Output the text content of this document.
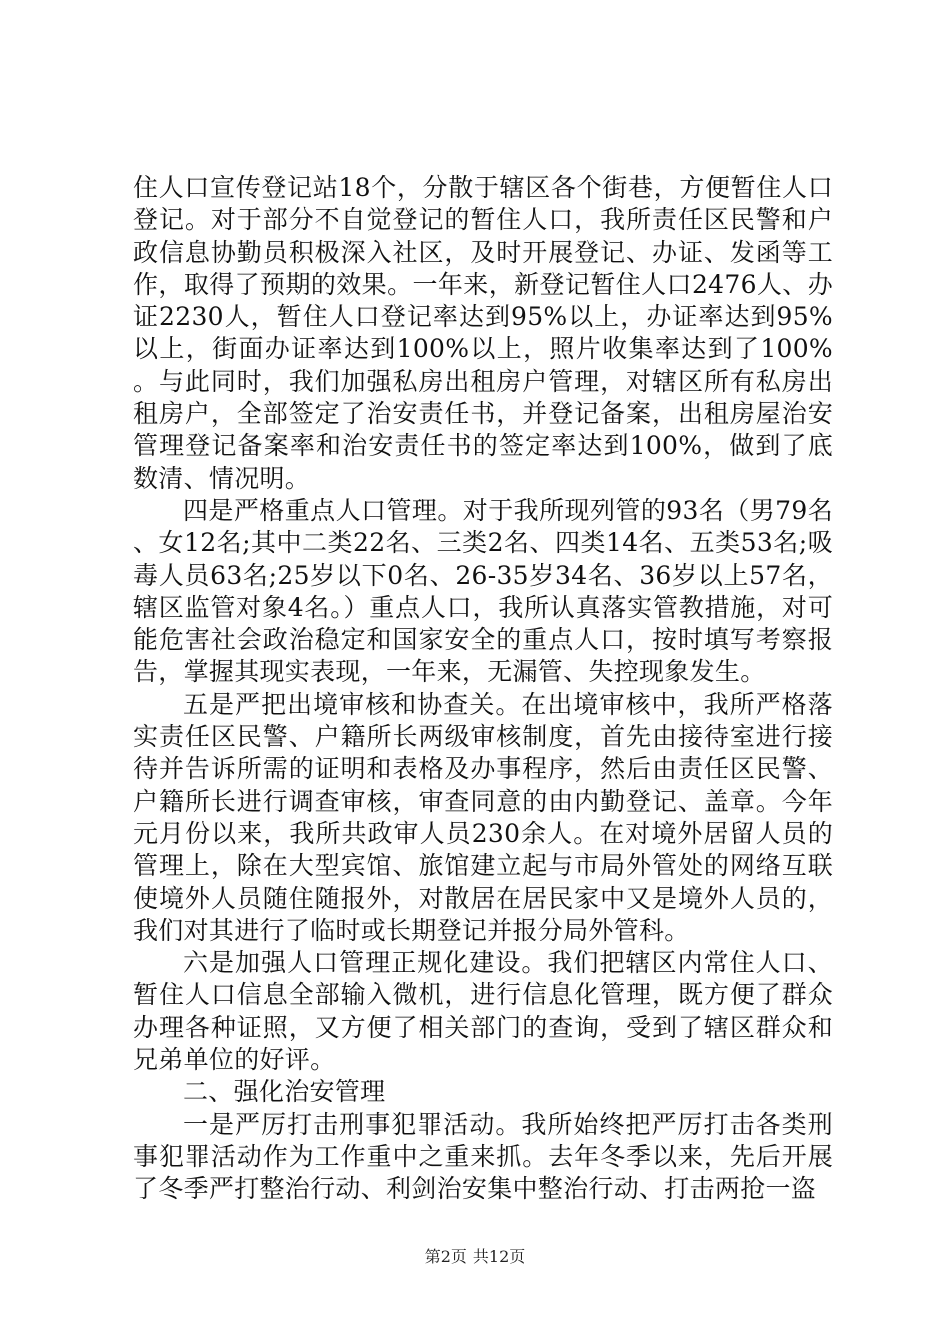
住人口宣传登记站18个，分散于辖区各个街巷，方便暂住人口登记。对于部分不自觉登记的暂住人口，我所责任区民警和户政信息协勤员积极深入社区，及时开展登记、办证、发函等工作，取得了预期的效果。一年来，新登记暂住人口2476人、办证2230人，暂住人口登记率达到95%以上，办证率达到95%以上，街面办证率达到100%以上，照片收集率达到了100%。与此同时，我们加强私房出租房户管理，对辖区所有私房出租房户，全部签定了治安责任书，并登记备案，出租房屋治安管理登记备案率和治安责任书的签定率达到100%，做到了底数清、情况明。

四是严格重点人口管理。对于我所现列管的93名（男79名、女12名;其中二类22名、三类2名、四类14名、五类53名;吸毒人员63名;25岁以下0名、26-35岁34名、36岁以上57名，辖区监管对象4名。）重点人口，我所认真落实管教措施，对可能危害社会政治稳定和国家安全的重点人口，按时填写考察报告，掌握其现实表现，一年来，无漏管、失控现象发生。

五是严把出境审核和协查关。在出境审核中，我所严格落实责任区民警、户籍所长两级审核制度，首先由接待室进行接待并告诉所需的证明和表格及办事程序，然后由责任区民警、户籍所长进行调查审核，审查同意的由内勤登记、盖章。今年元月份以来，我所共政审人员230余人。在对境外居留人员的管理上，除在大型宾馆、旅馆建立起与市局外管处的网络互联使境外人员随住随报外，对散居在居民家中又是境外人员的，我们对其进行了临时或长期登记并报分局外管科。

六是加强人口管理正规化建设。我们把辖区内常住人口、暂住人口信息全部输入微机，进行信息化管理，既方便了群众办理各种证照，又方便了相关部门的查询，受到了辖区群众和兄弟单位的好评。

二、强化治安管理

一是严厉打击刑事犯罪活动。我所始终把严厉打击各类刑事犯罪活动作为工作重中之重来抓。去年冬季以来，先后开展了冬季严打整治行动、利剑治安集中整治行动、打击两抢一盗

第2页 共12页
